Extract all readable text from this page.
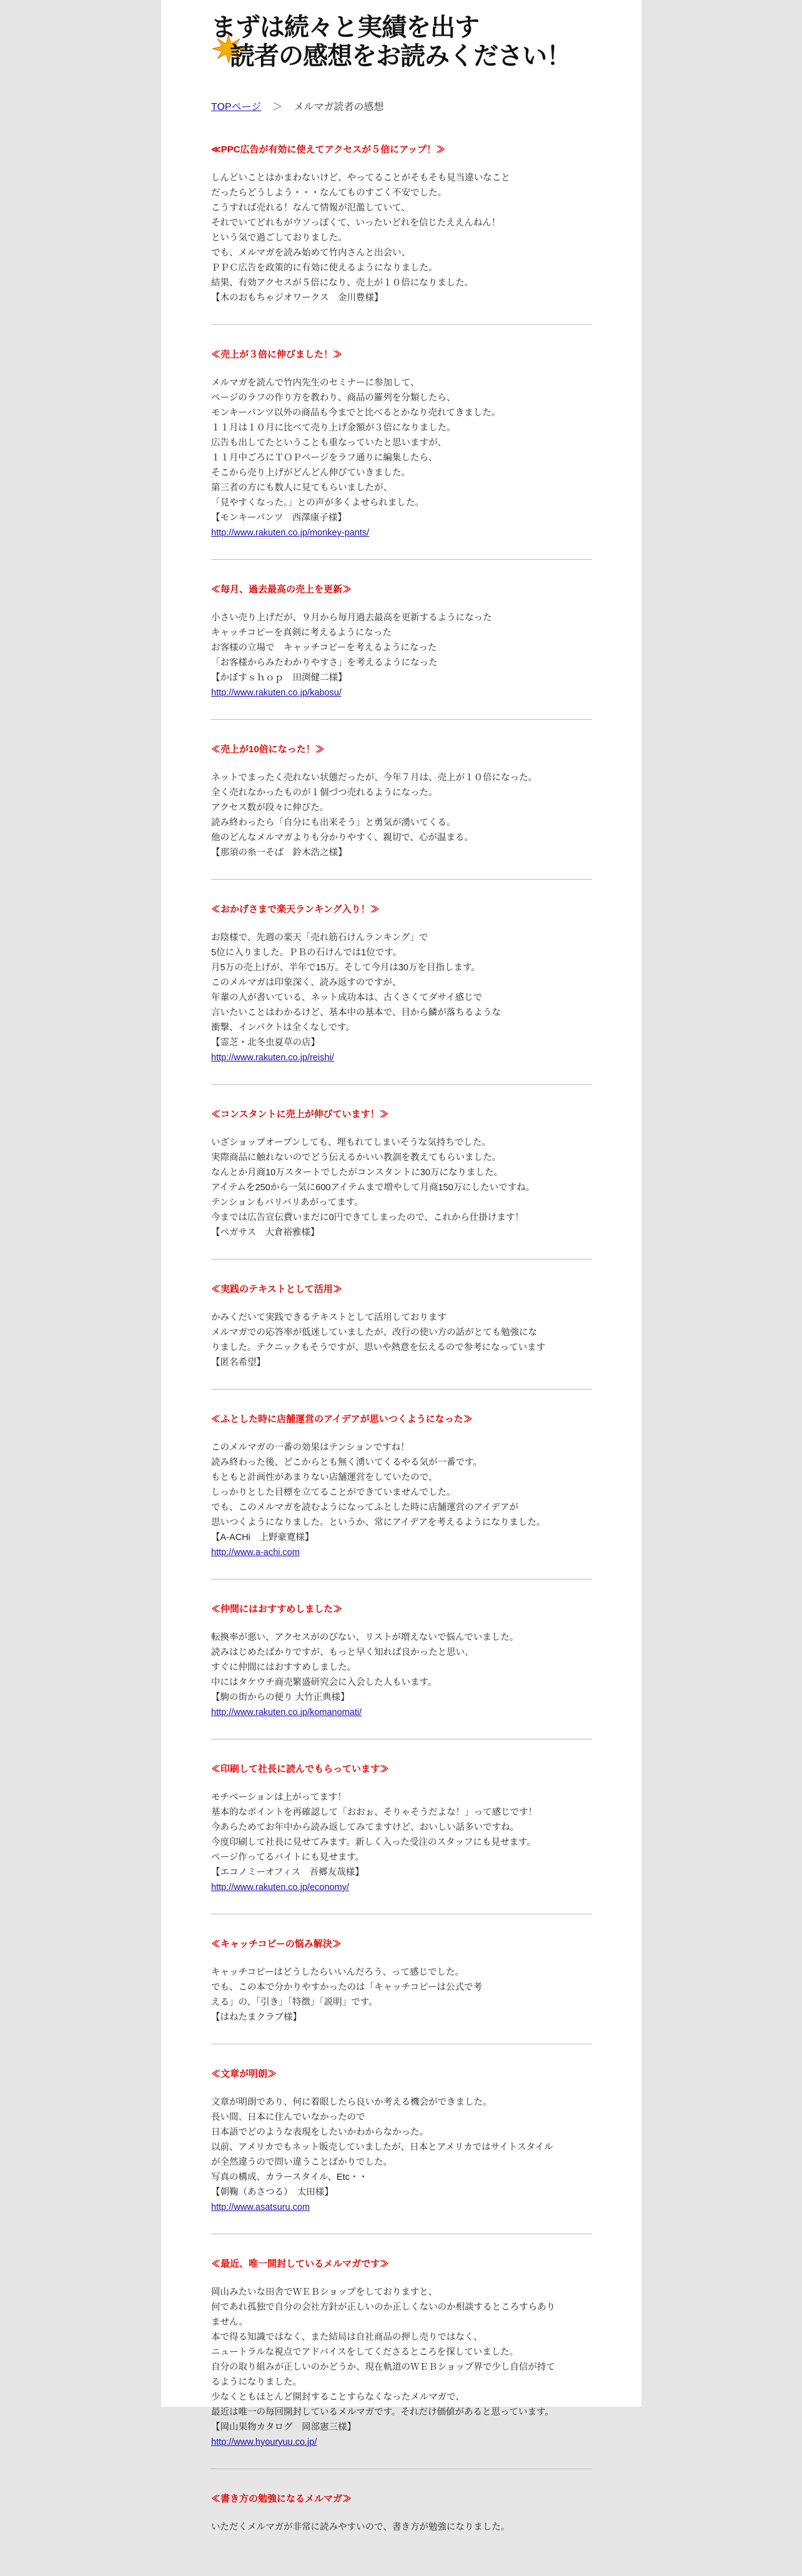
まずは続々と実績を出す
読者の感想をお読みください！
TOPページ ＞ メルマガ読者の感想
≪PPC広告が有効に使えてアクセスが５倍にアップ！≫

しんどいことはかまわないけど、やってることがそもそも見当違いなこと
だったらどうしよう・・・なんてものすごく不安でした。
こうすれば売れる！なんて情報が氾濫していて、
それでいてどれもがウソっぽくて、いったいどれを信じたええんねん！
という気で過ごしておりました。
でも、メルマガを読み始めて竹内さんと出会い、
ＰＰＣ広告を政策的に有効に使えるようになりました。
結果、有効アクセスが５倍になり、売上が１０倍になりました。

【木のおもちゃジオワークス　金川豊様】
≪売上が３倍に伸びました！≫

メルマガを読んで竹内先生のセミナーに参加して、
ページのラフの作り方を教わり、商品の羅列を分類したら、
モンキーパンツ以外の商品も今までと比べるとかなり売れてきました。
１１月は１０月に比べて売り上げ金額が３倍になりました。
広告も出してたということも重なっていたと思いますが、
１１月中ごろにＴＯＰページをラフ通りに編集したら、
そこから売り上げがどんどん伸びていきました。
第三者の方にも数人に見てもらいましたが、
「見やすくなった。」との声が多くよせられました。

【モンキーパンツ　西澤康子様】
http://www.rakuten.co.jp/monkey-pants/
≪毎月、過去最高の売上を更新≫

小さい売り上げだが、９月から毎月過去最高を更新するようになった
キャッチコピーを真剣に考えるようになった
お客様の立場で　キャッチコピーを考えるようになった
「お客様からみたわかりやすさ」を考えるようになった

【かぼすｓｈｏｐ　田渕健二様】
http://www.rakuten.co.jp/kabosu/
≪売上が10倍になった！≫

ネットでまったく売れない状態だったが、今年７月は、売上が１０倍になった。
全く売れなかったものが１個づつ売れるようになった。
アクセス数が段々に伸びた。
読み終わったら「自分にも出来そう」と勇気が湧いてくる。
他のどんなメルマガよりも分かりやすく、親切で、心が温まる。

【那須の糸一そば　鈴木浩之様】
≪おかげさまで楽天ランキング入り！≫

お陰様で、先週の楽天「売れ筋石けんランキング」で
5位に入りました。ＰＢの石けんでは1位です。
月5万の売上げが、半年で15万。そして今月は30万を目指します。
このメルマガは印象深く、読み返すのですが、
年輩の人が書いている、ネット成功本は、古くさくてダサイ感じで
言いたいことはわかるけど、基本中の基本で、目から鱗が落ちるような
衝撃、インパクトは全くなしです。

【霊芝・北冬虫夏草の店】
http://www.rakuten.co.jp/reishi/
≪コンスタントに売上が伸びています！≫

いざショップオープンしても、埋もれてしまいそうな気持ちでした。
実際商品に触れないのでどう伝えるかいい教訓を教えてもらいました。
なんとか月商10万スタートでしたがコンスタントに30万になりました。
アイテムを250から一気に600アイテムまで増やして月商150万にしたいですね。
テンションもバリバリあがってます。
今までは広告宣伝費いまだに0円できてしまったので、これから仕掛けます！

【ペガサス　大倉裕雅様】
≪実践のテキストとして活用≫

かみくだいて実践できるテキストとして活用しております
メルマガでの応答率が低迷していましたが、改行の使い方の話がとても勉強にな
りました。テクニックもそうですが、思いや熱意を伝えるので参考になっています

【匿名希望】
≪ふとした時に店舗運営のアイデアが思いつくようになった≫

このメルマガの一番の効果はテンションですね！
読み終わった後、どこからとも無く湧いてくるやる気が一番です。
もともと計画性があまりない店舗運営をしていたので、
しっかりとした目標を立てることができていませんでした。
でも、このメルマガを読むようになってふとした時に店舗運営のアイデアが
思いつくようになりました。というか、常にアイデアを考えるようになりました。

【A-ACHi　上野豪寛様】
http://www.a-achi.com
≪仲間にはおすすめしました≫

転換率が悪い、アクセスがのびない、リストが増えないで悩んでいました。
読みはじめたばかりですが、もっと早く知れば良かったと思い、
すぐに仲間にはおすすめしました。
中にはタケウチ商売繁盛研究会に入会した人もいます。

【駒の街からの便り 大竹正典様】
http://www.rakuten.co.jp/komanomati/
≪印刷して社長に読んでもらっています≫

モチベーションは上がってます！
基本的なポイントを再確認して「おおぉ、そりゃそうだよな！」って感じです！
今あらためてお年中から読み返してみてますけど、おいしい話多いですね。
今度印刷して社長に見せてみます。新しく入った受注のスタッフにも見せます。
ページ作ってるバイトにも見せます。

【エコノミーオフィス　吾郷友哉様】
http://www.rakuten.co.jp/economy/
≪キャッチコピーの悩み解決≫

キャッチコピーはどうしたらいいんだろう、って感じでした。
でも、この本で分かりやすかったのは「キャッチコピーは公式で考
える」の、「引き」「特徴」「説明」です。

【はねたまクラブ様】
≪文章が明朗≫

文章が明朗であり、何に着眼したら良いか考える機会ができました。
長い間、日本に住んでいなかったので
日本語でどのような表現をしたいかわからなかった。
以前、アメリカでもネット販売していましたが、日本とアメリカではサイトスタイル
が全然違うので問い違うことばかりでした。
写真の構成、カラースタイル、Etc・・

【朝鞠（あさつる）　太田様】
http://www.asatsuru.com
≪最近、唯一開封しているメルマガです≫

岡山みたいな田舎でＷＥＢショップをしておりますと、
何であれ孤独で自分の会社方針が正しいのか正しくないのか相談するところすらあり
ません。
本で得る知識ではなく、また結局は自社商品の押し売りではなく、
ニュートラルな視点でアドバイスをしてくださるところを探していました。
自分の取り組みが正しいのかどうか、現在軌道のＷＥＢショップ界で少し自信が持て
るようになりました。
少なくともほとんど開封することすらなくなったメルマガで、
最近は唯一の毎回開封しているメルマガです。それだけ価値があると思っています。

【岡山果物カタログ　岡部憲三様】
http://www.hyouryuu.co.jp/
≪書き方の勉強になるメルマガ≫

いただくメルマガが非常に読みやすいので、書き方が勉強になりました。
